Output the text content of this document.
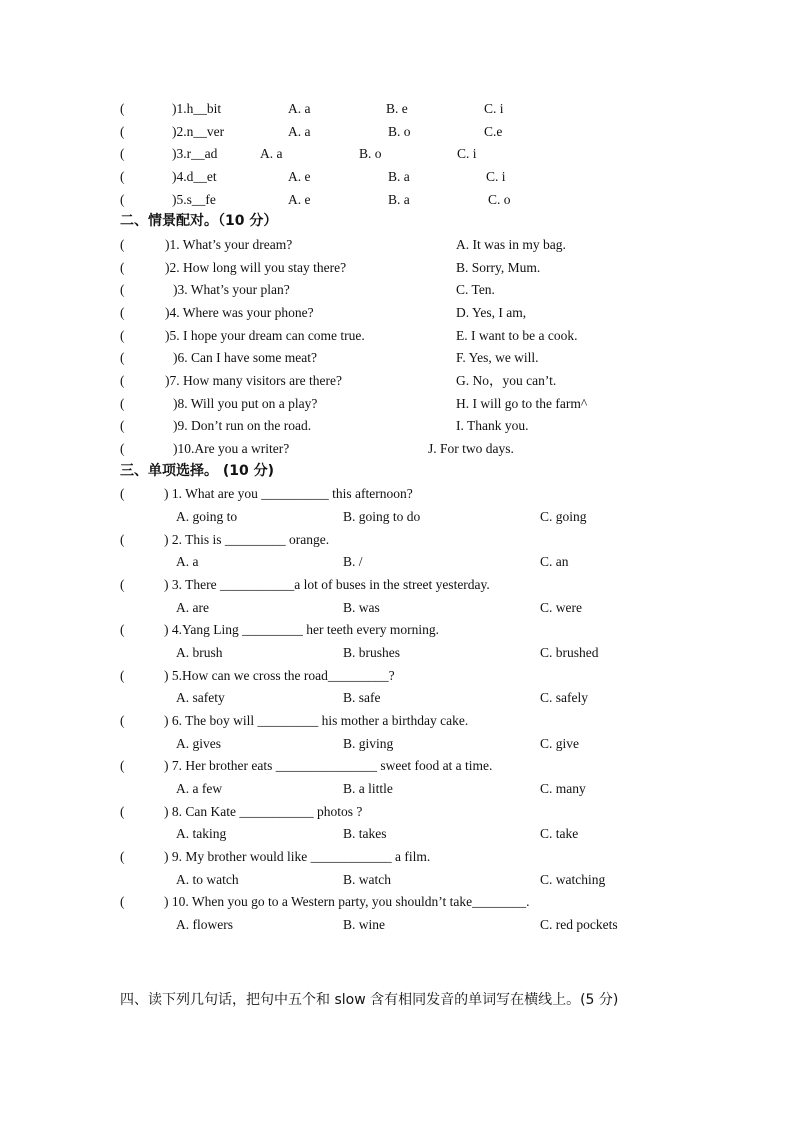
(	)1.h__bit	A. a	B. e	C. i
(	)2.n__ver	A. a	B. o	C.e
(	)3.r__ad	A. a	B. o	C. i
(	)4.d__et	A. e	B. a	C. i
(	)5.s__fe	A. e	B. a	C. o
二、情景配对。（10 分）
(	)1. What’s your dream?	A. It was in my bag.
(	)2. How long will you stay there?	B. Sorry, Mum.
(	)3. What’s your plan?	C. Ten.
(	)4. Where was your phone?	D. Yes, I am,
(	)5. I hope your dream can come true.	E. I want to be a cook.
(	)6. Can I have some meat?	F. Yes, we will.
(	)7. How many visitors are there?	G. No，you can’t.
(	)8. Will you put on a play?	H. I will go to the farm^
(	)9. Don’t run on the road.	I. Thank you.
(	)10.Are you a writer?	J. For two days.
三、单项选择。 (10 分)
(	) 1. What are you __________ this afternoon?
A. going to	B. going to do	C. going
(	) 2. This is _________ orange.
A. a	B. /	C. an
(	) 3. There ___________a lot of buses in the street yesterday.
A. are	B. was	C. were
(	) 4.Yang Ling _________ her teeth every morning.
A. brush	B. brushes	C. brushed
(	) 5.How can we cross the road_________?
A. safety	B. safe	C. safely
(	) 6. The boy will _________ his mother a birthday cake.
A. gives	B. giving	C. give
(	) 7. Her brother eats _______________ sweet food at a time.
A. a few	B. a little	C. many
(	) 8. Can Kate ___________ photos ?
A. taking	B. takes	C. take
(	) 9. My brother would like ____________ a film.
A. to watch	B. watch	C. watching
(	) 10. When you go to a Western party, you shouldn’t take________.
A. flowers	B. wine	C. red pockets
四、读下列几句话，把句中五个和 slow 含有相同发音的单词写在横线上。(5 分)
